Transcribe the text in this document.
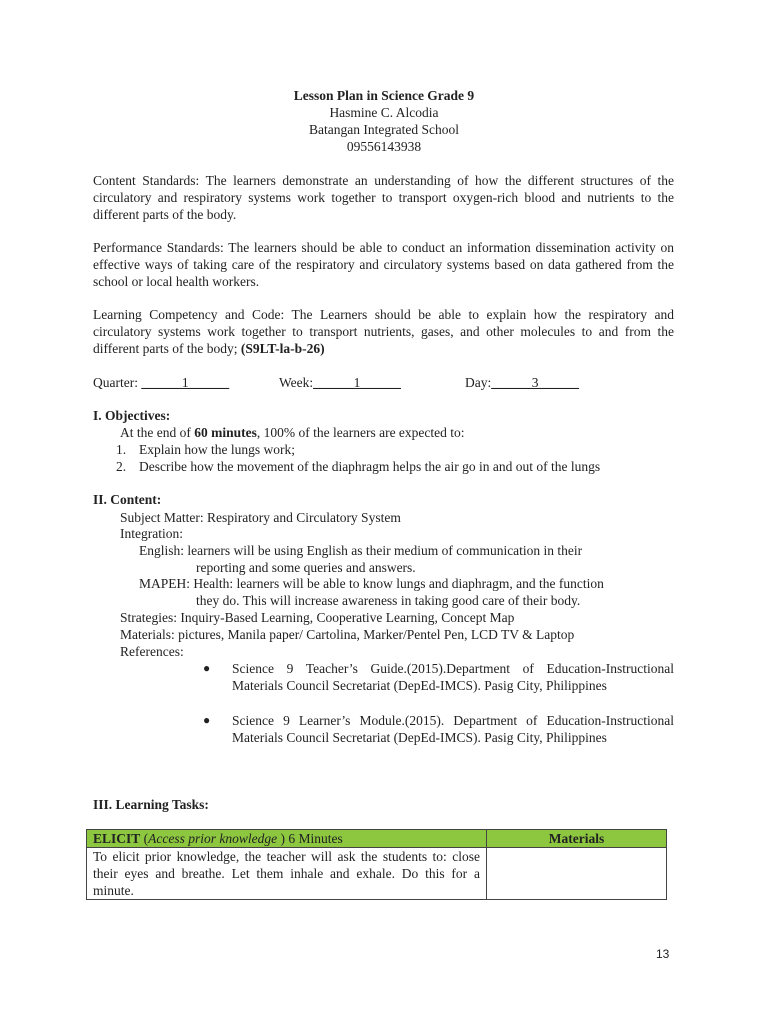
Lesson Plan in Science Grade 9
Hasmine C. Alcodia
Batangan Integrated School
09556143938
Content Standards: The learners demonstrate an understanding of how the different structures of the circulatory and respiratory systems work together to transport oxygen-rich blood and nutrients to the different parts of the body.
Performance Standards: The learners should be able to conduct an information dissemination activity on effective ways of taking care of the respiratory and circulatory systems based on data gathered from the school or local health workers.
Learning Competency and Code: The Learners should be able to explain how the respiratory and circulatory systems work together to transport nutrients, gases, and other molecules to and from the different parts of the body; (S9LT-la-b-26)
Quarter: ______1______	Week:______1______	Day:______3______
I. Objectives:
At the end of 60 minutes, 100% of the learners are expected to:
1. Explain how the lungs work;
2. Describe how the movement of the diaphragm helps the air go in and out of the lungs
II. Content:
Subject Matter: Respiratory and Circulatory System
Integration:
English: learners will be using English as their medium of communication in their
reporting and some queries and answers.
MAPEH: Health: learners will be able to know lungs and diaphragm, and the function
they do. This will increase awareness in taking good care of their body.
Strategies: Inquiry-Based Learning, Cooperative Learning, Concept Map
Materials: pictures, Manila paper/ Cartolina, Marker/Pentel Pen, LCD TV & Laptop
References:
● Science 9 Teacher’s Guide.(2015).Department of Education-Instructional Materials Council Secretariat (DepEd-IMCS). Pasig City, Philippines
● Science 9 Learner’s Module.(2015). Department of Education-Instructional Materials Council Secretariat (DepEd-IMCS). Pasig City, Philippines
III. Learning Tasks:
ELICIT (Access prior knowledge ) 6 Minutes	Materials
To elicit prior knowledge, the teacher will ask the students to: close their eyes and breathe. Let them inhale and exhale. Do this for a minute.	
13
